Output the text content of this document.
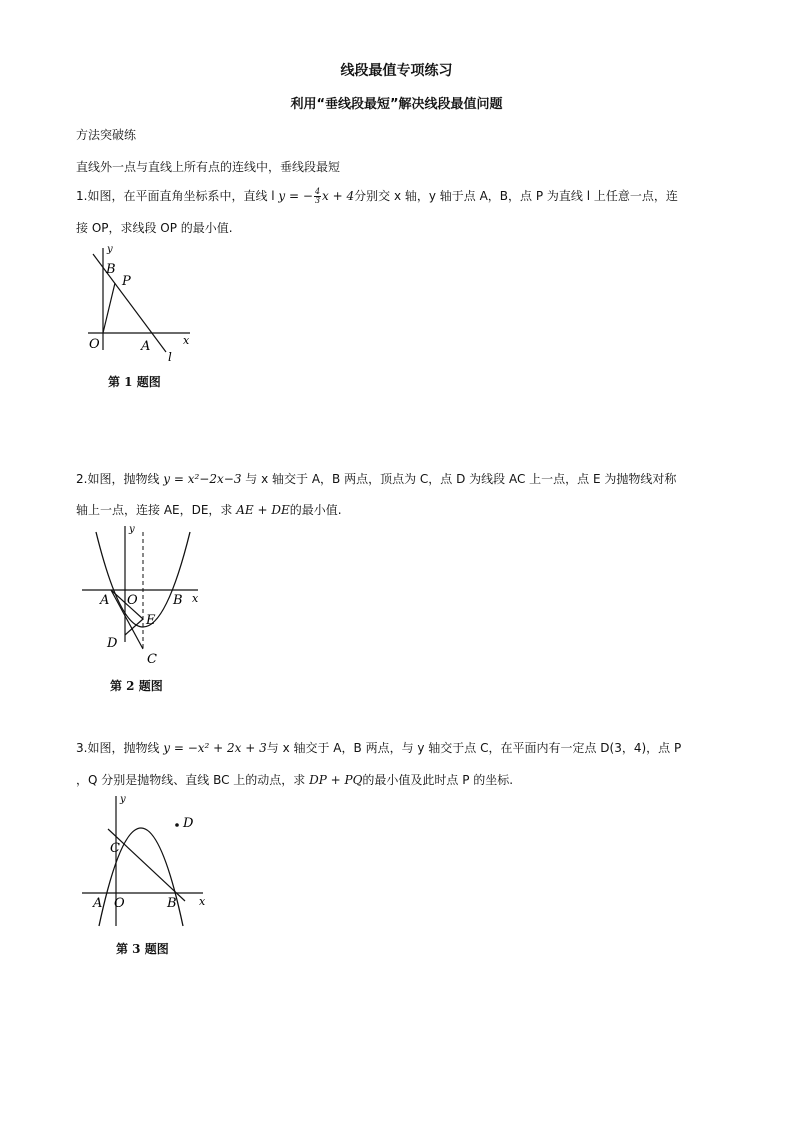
线段最值专项练习
利用“垂线段最短”解决线段最值问题
方法突破练
直线外一点与直线上所有点的连线中，垂线段最短
1.如图，在平面直角坐标系中，直线 l y = − $\frac{4}{3}$ x + 4分别交 x 轴，y 轴于点 A，B，点 P 为直线 l 上任意一点，连
接 OP，求线段 OP 的最小值.
y
x
B
P
O	A
l
第 1 题图
2.如图，抛物线 y = x²−2x−3 与 x 轴交于 A，B 两点，顶点为 C，点 D 为线段 AC 上一点，点 E 为抛物线对称
轴上一点，连接 AE，DE，求 AE + DE的最小值.
y
x
A O	B
E
D
C
第 2 题图
3.如图，抛物线 y = −x² + 2x + 3与 x 轴交于 A，B 两点，与 y 轴交于点 C，在平面内有一定点 D(3，4)，点 P
，Q 分别是抛物线、直线 BC 上的动点，求 DP + PQ的最小值及此时点 P 的坐标.
y
x
C
D
A O	B
第 3 题图
